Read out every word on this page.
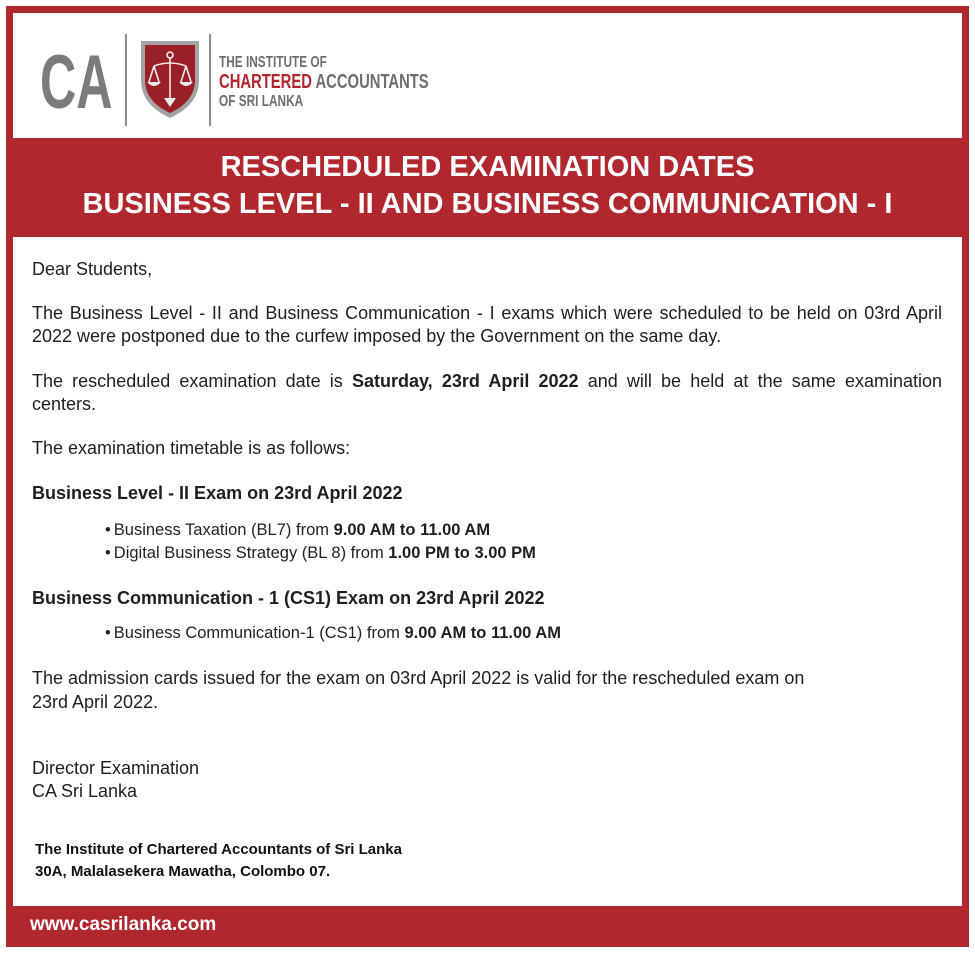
CA	THE INSTITUTE OF
CHARTERED ACCOUNTANTS
OF SRI LANKA
RESCHEDULED EXAMINATION DATES
BUSINESS LEVEL - II AND BUSINESS COMMUNICATION - I
Dear Students,
The Business Level - II and Business Communication - I exams which were scheduled to be held on 03rd April
2022 were postponed due to the curfew imposed by the Government on the same day.
The rescheduled examination date is Saturday, 23rd April 2022 and will be held at the same examination
centers.
The examination timetable is as follows:
Business Level - II Exam on 23rd April 2022
• Business Taxation (BL7) from 9.00 AM to 11.00 AM
• Digital Business Strategy (BL 8) from 1.00 PM to 3.00 PM
Business Communication - 1 (CS1) Exam on 23rd April 2022
• Business Communication-1 (CS1) from 9.00 AM to 11.00 AM
The admission cards issued for the exam on 03rd April 2022 is valid for the rescheduled exam on
23rd April 2022.
Director Examination
CA Sri Lanka
The Institute of Chartered Accountants of Sri Lanka
30A, Malalasekera Mawatha, Colombo 07.
www.casrilanka.com
